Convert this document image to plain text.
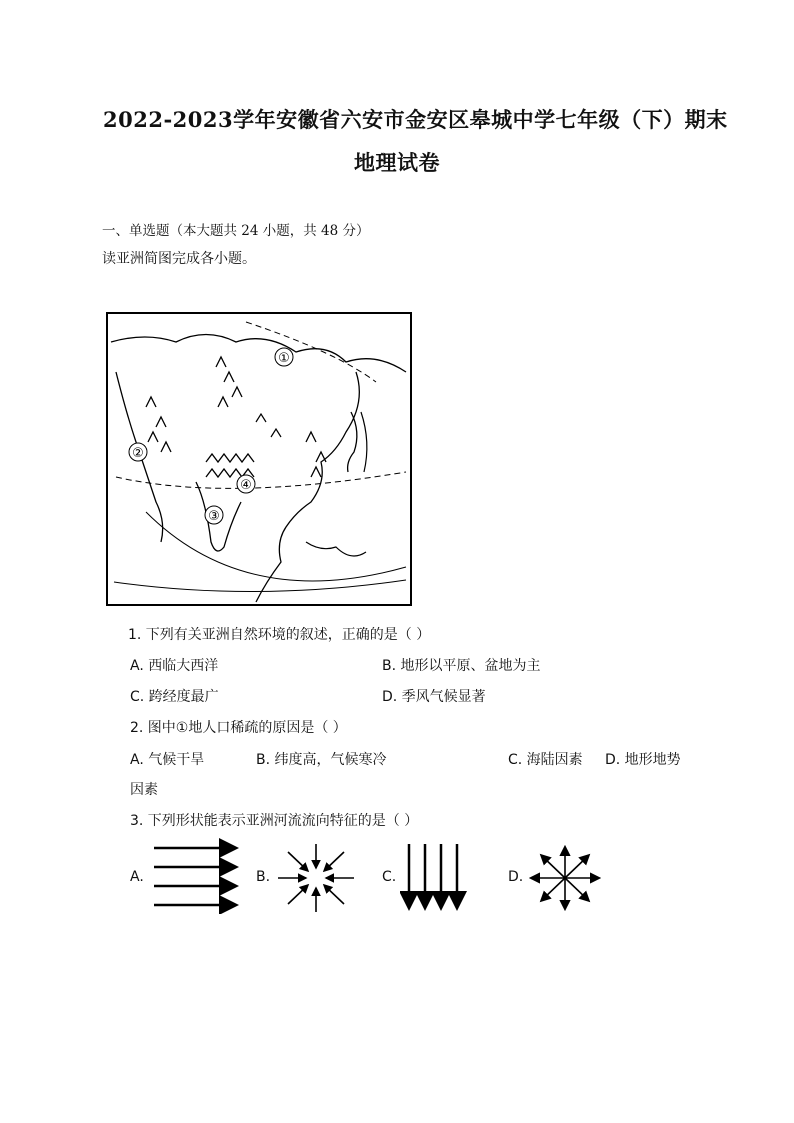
2022-2023学年安徽省六安市金安区皋城中学七年级（下）期末
地理试卷
一、单选题（本大题共 24 小题，共 48 分）
读亚洲简图完成各小题。
①
②
③
④
1. 下列有关亚洲自然环境的叙述，正确的是（ ）
A. 西临大西洋	B. 地形以平原、盆地为主
C. 跨经度最广	D. 季风气候显著
2. 图中①地人口稀疏的原因是（ ）
A. 气候干旱	B. 纬度高，气候寒冷	C. 海陆因素 D. 地形地势
因素
3. 下列形状能表示亚洲河流流向特征的是（ ）
A.	B.	C.	D.
